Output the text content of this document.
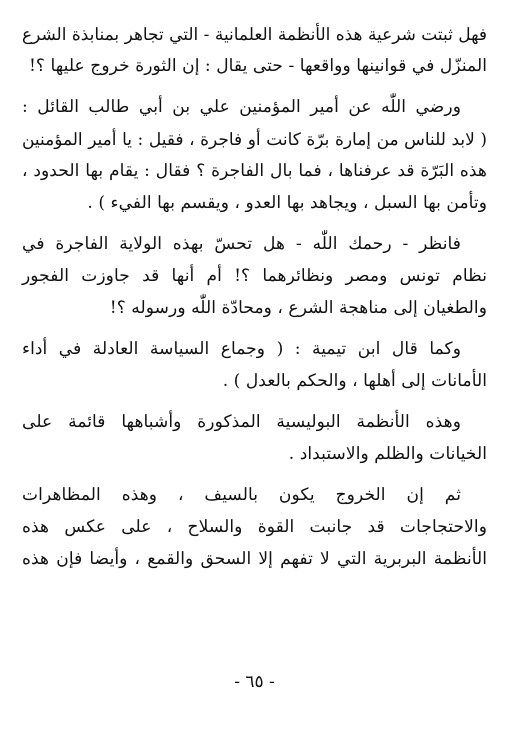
فهل ثبتت شرعية هذه الأنظمة العلمانية - التي تجاهر بمنابذة الشرع
المنزّل في قوانينها وواقعها - حتى يقال : إن الثورة خروج عليها ؟!
ورضي اللّٰه عن أمير المؤمنين علي بن أبي طالب القائل :
( لابد للناس من إمارة برّة كانت أو فاجرة ، فقيل : يا أمير المؤمنين
هذه البَرّة قد عرفناها ، فما بال الفاجرة ؟ فقال : يقام بها الحدود ،
وتأمن بها السبل ، ويجاهد بها العدو ، ويقسم بها الفيء ) .
فانظر - رحمك اللّٰه - هل تحسّ بهذه الولاية الفاجرة في
نظام تونس ومصر ونظائرهما ؟! أم أنها قد جاوزت الفجور
والطغيان إلى مناهجة الشرع ، ومحادّة اللّٰه ورسوله ؟!
وكما قال ابن تيمية : ( وجماع السياسة العادلة في أداء
الأمانات إلى أهلها ، والحكم بالعدل ) .
وهذه الأنظمة البوليسية المذكورة وأشباهها قائمة على
الخيانات والظلم والاستبداد .
ثم إن الخروج يكون بالسيف ، وهذه المظاهرات
والاحتجاجات قد جانبت القوة والسلاح ، على عكس هذه
الأنظمة البربرية التي لا تفهم إلا السحق والقمع ، وأيضا فإن هذه
- ٦٥ -
